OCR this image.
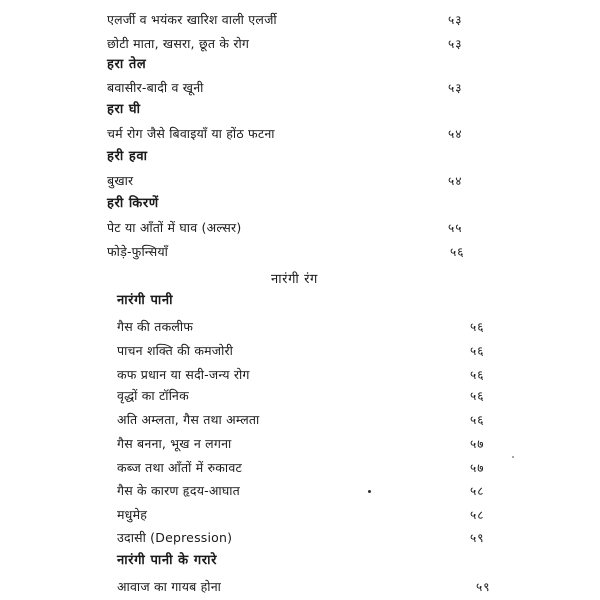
एलर्जी व भयंकर खारिश वाली एलर्जी	५३
छोटी माता, खसरा, छूत के रोग	५३
हरा तेल
बवासीर-बादी व खूनी	५३
हरा घी
चर्म रोग जैसे बिवाइयाँ या होंठ फटना	५४
हरी हवा
बुखार	५४
हरी किरणें
पेट या आँतों में घाव (अल्सर)	५५
फोड़े-फुन्सियाँ	५६
नारंगी रंग
नारंगी पानी
गैस की तकलीफ	५६
पाचन शक्ति की कमजोरी	५६
कफ प्रधान या सदी-जन्य रोग	५६
वृद्धों का टॉनिक	५६
अति अम्लता, गैस तथा अम्लता	५६
गैस बनना, भूख न लगना	५७
कब्ज तथा आँतों में रुकावट	५७
गैस के कारण हृदय-आघात	५८
मधुमेह	५८
उदासी (Depression)	५९
नारंगी पानी के गरारे
आवाज का गायब होना	५९
